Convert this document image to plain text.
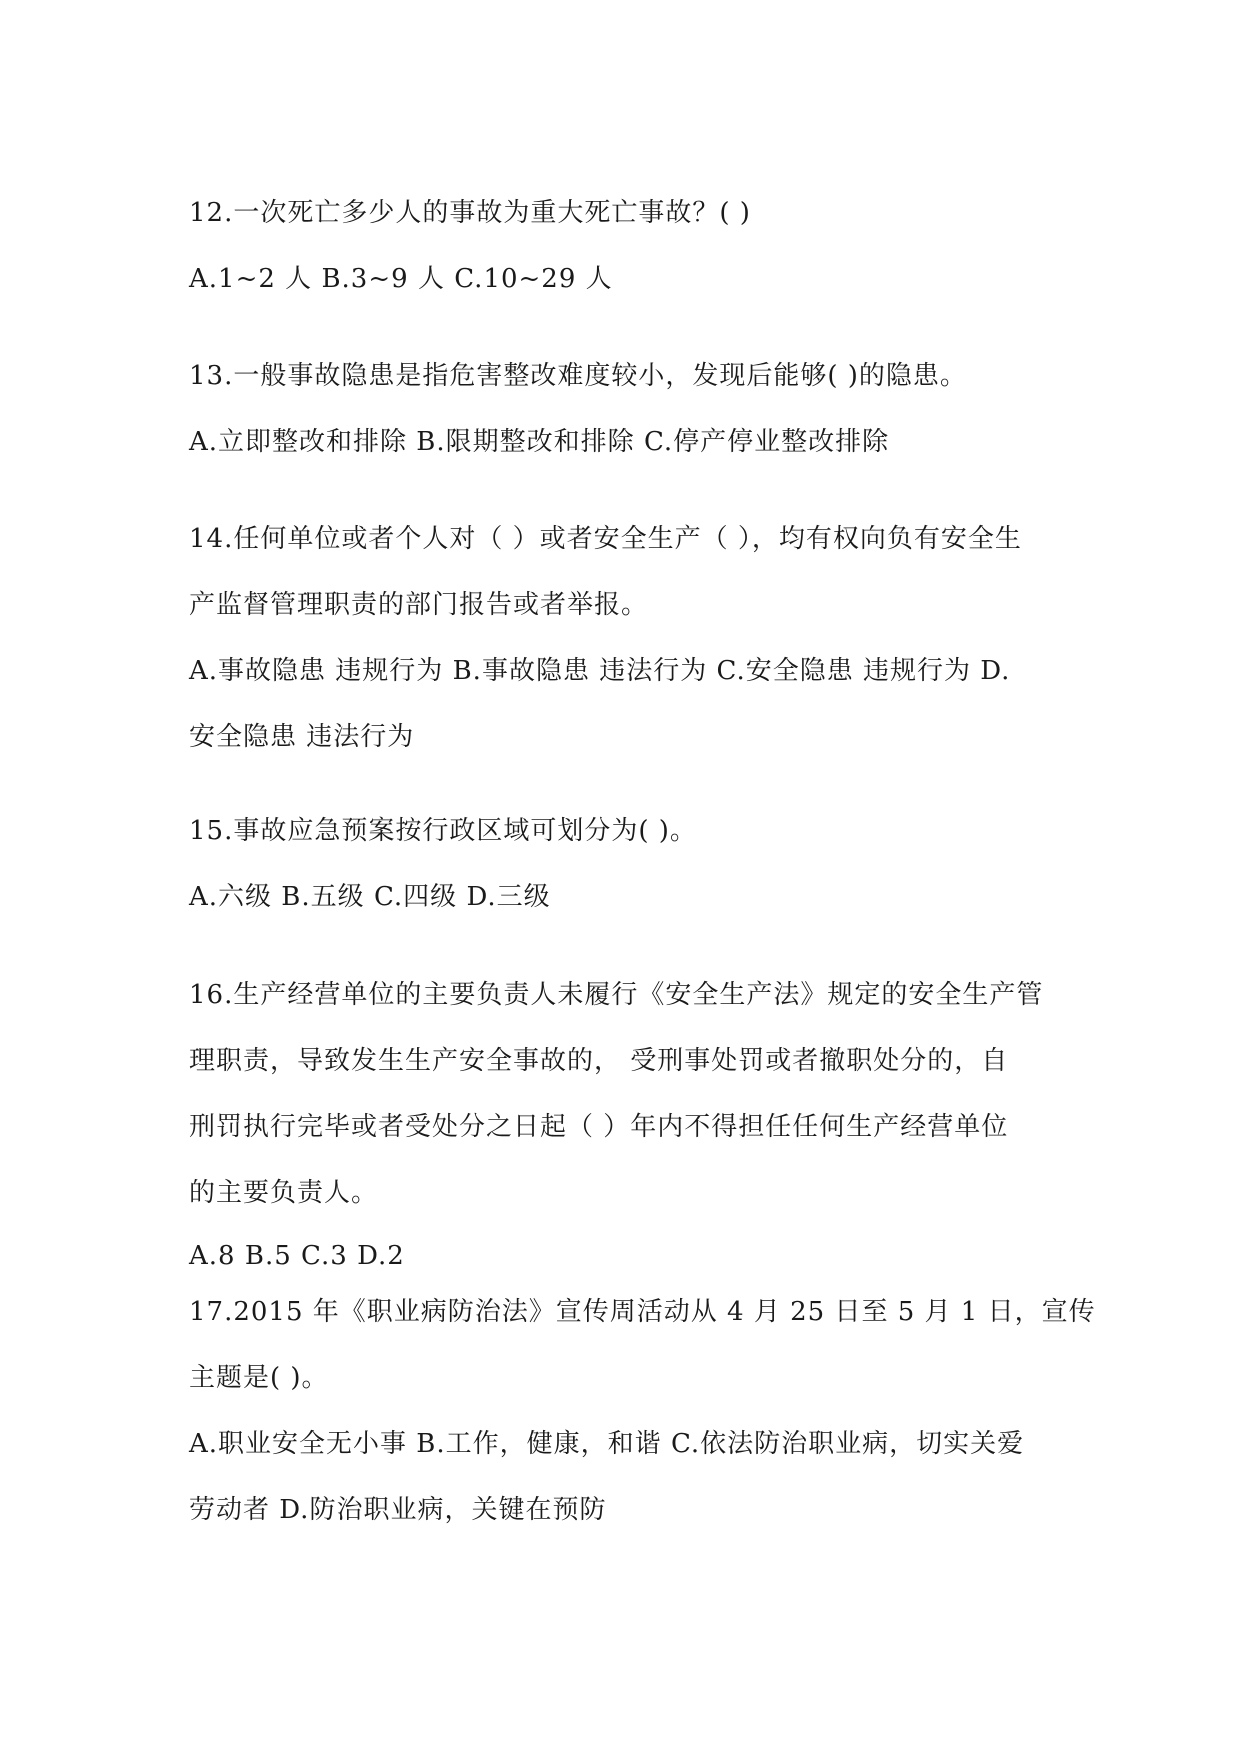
12.一次死亡多少人的事故为重大死亡事故？( )

A.1~2 人 B.3~9 人 C.10~29 人

13.一般事故隐患是指危害整改难度较小，发现后能够( )的隐患。

A.立即整改和排除 B.限期整改和排除 C.停产停业整改排除

14.任何单位或者个人对（ ）或者安全生产（ ），均有权向负有安全生

产监督管理职责的部门报告或者举报。

A.事故隐患 违规行为 B.事故隐患 违法行为 C.安全隐患 违规行为 D.

安全隐患 违法行为

15.事故应急预案按行政区域可划分为( )。

A.六级 B.五级 C.四级 D.三级

16.生产经营单位的主要负责人未履行《安全生产法》规定的安全生产管

理职责，导致发生生产安全事故的， 受刑事处罚或者撤职处分的，自

刑罚执行完毕或者受处分之日起（ ）年内不得担任任何生产经营单位

的主要负责人。

A.8 B.5 C.3 D.2

17.2015 年《职业病防治法》宣传周活动从 4 月 25 日至 5 月 1 日，宣传

主题是( )。

A.职业安全无小事 B.工作，健康，和谐 C.依法防治职业病，切实关爱

劳动者 D.防治职业病，关键在预防
